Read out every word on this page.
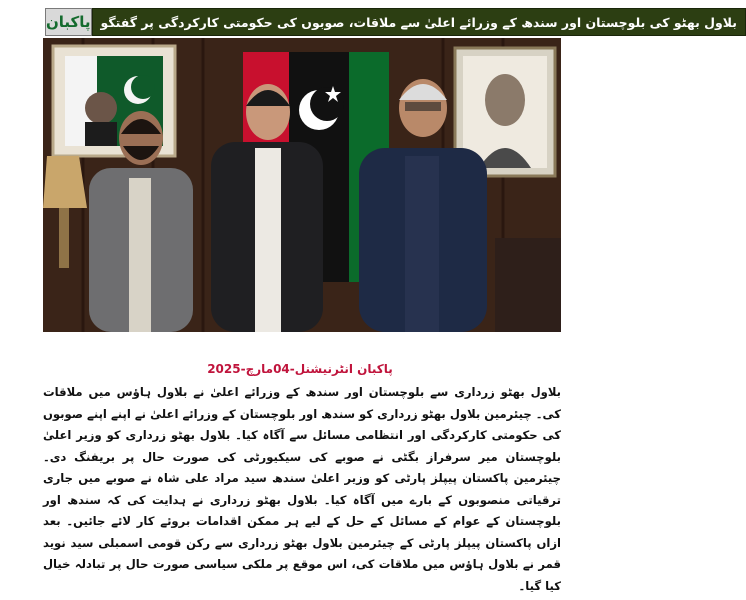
پاکبان بلاول بھٹو کی بلوچستان اور سندھ کے وزرائے اعلیٰ سے ملاقات، صوبوں کی حکومتی کارکردگی پر گفتگو
پاکبان انٹرنیشنل-04مارچ-2025

بلاول بھٹو زرداری سے بلوچستان اور سندھ کے وزرائے اعلیٰ نے بلاول ہاؤس میں ملاقات کی۔ چیئرمین بلاول بھٹو زرداری کو سندھ اور بلوچستان کے وزرائے اعلیٰ نے اپنے اپنے صوبوں کی حکومتی کارکردگی اور انتظامی مسائل سے آگاہ کیا۔ بلاول بھٹو زرداری کو وزیر اعلیٰ بلوچستان میر سرفراز بگٹی نے صوبے کی سیکیورٹی کی صورت حال پر بریفنگ دی۔ چیئرمین پاکستان پیپلز پارٹی کو وزیر اعلیٰ سندھ سید مراد علی شاہ نے صوبے میں جاری ترقیاتی منصوبوں کے بارے میں آگاہ کیا۔ بلاول بھٹو زرداری نے ہدایت کی کہ سندھ اور بلوچستان کے عوام کے مسائل کے حل کے لیے ہر ممکن اقدامات بروئے کار لائے جائیں۔ بعد ازاں پاکستان پیپلز پارٹی کے چیئرمین بلاول بھٹو زرداری سے رکن قومی اسمبلی سید نوید قمر نے بلاول ہاؤس میں ملاقات کی، اس موقع پر ملکی سیاسی صورت حال پر تبادلہ خیال کیا گیا۔
